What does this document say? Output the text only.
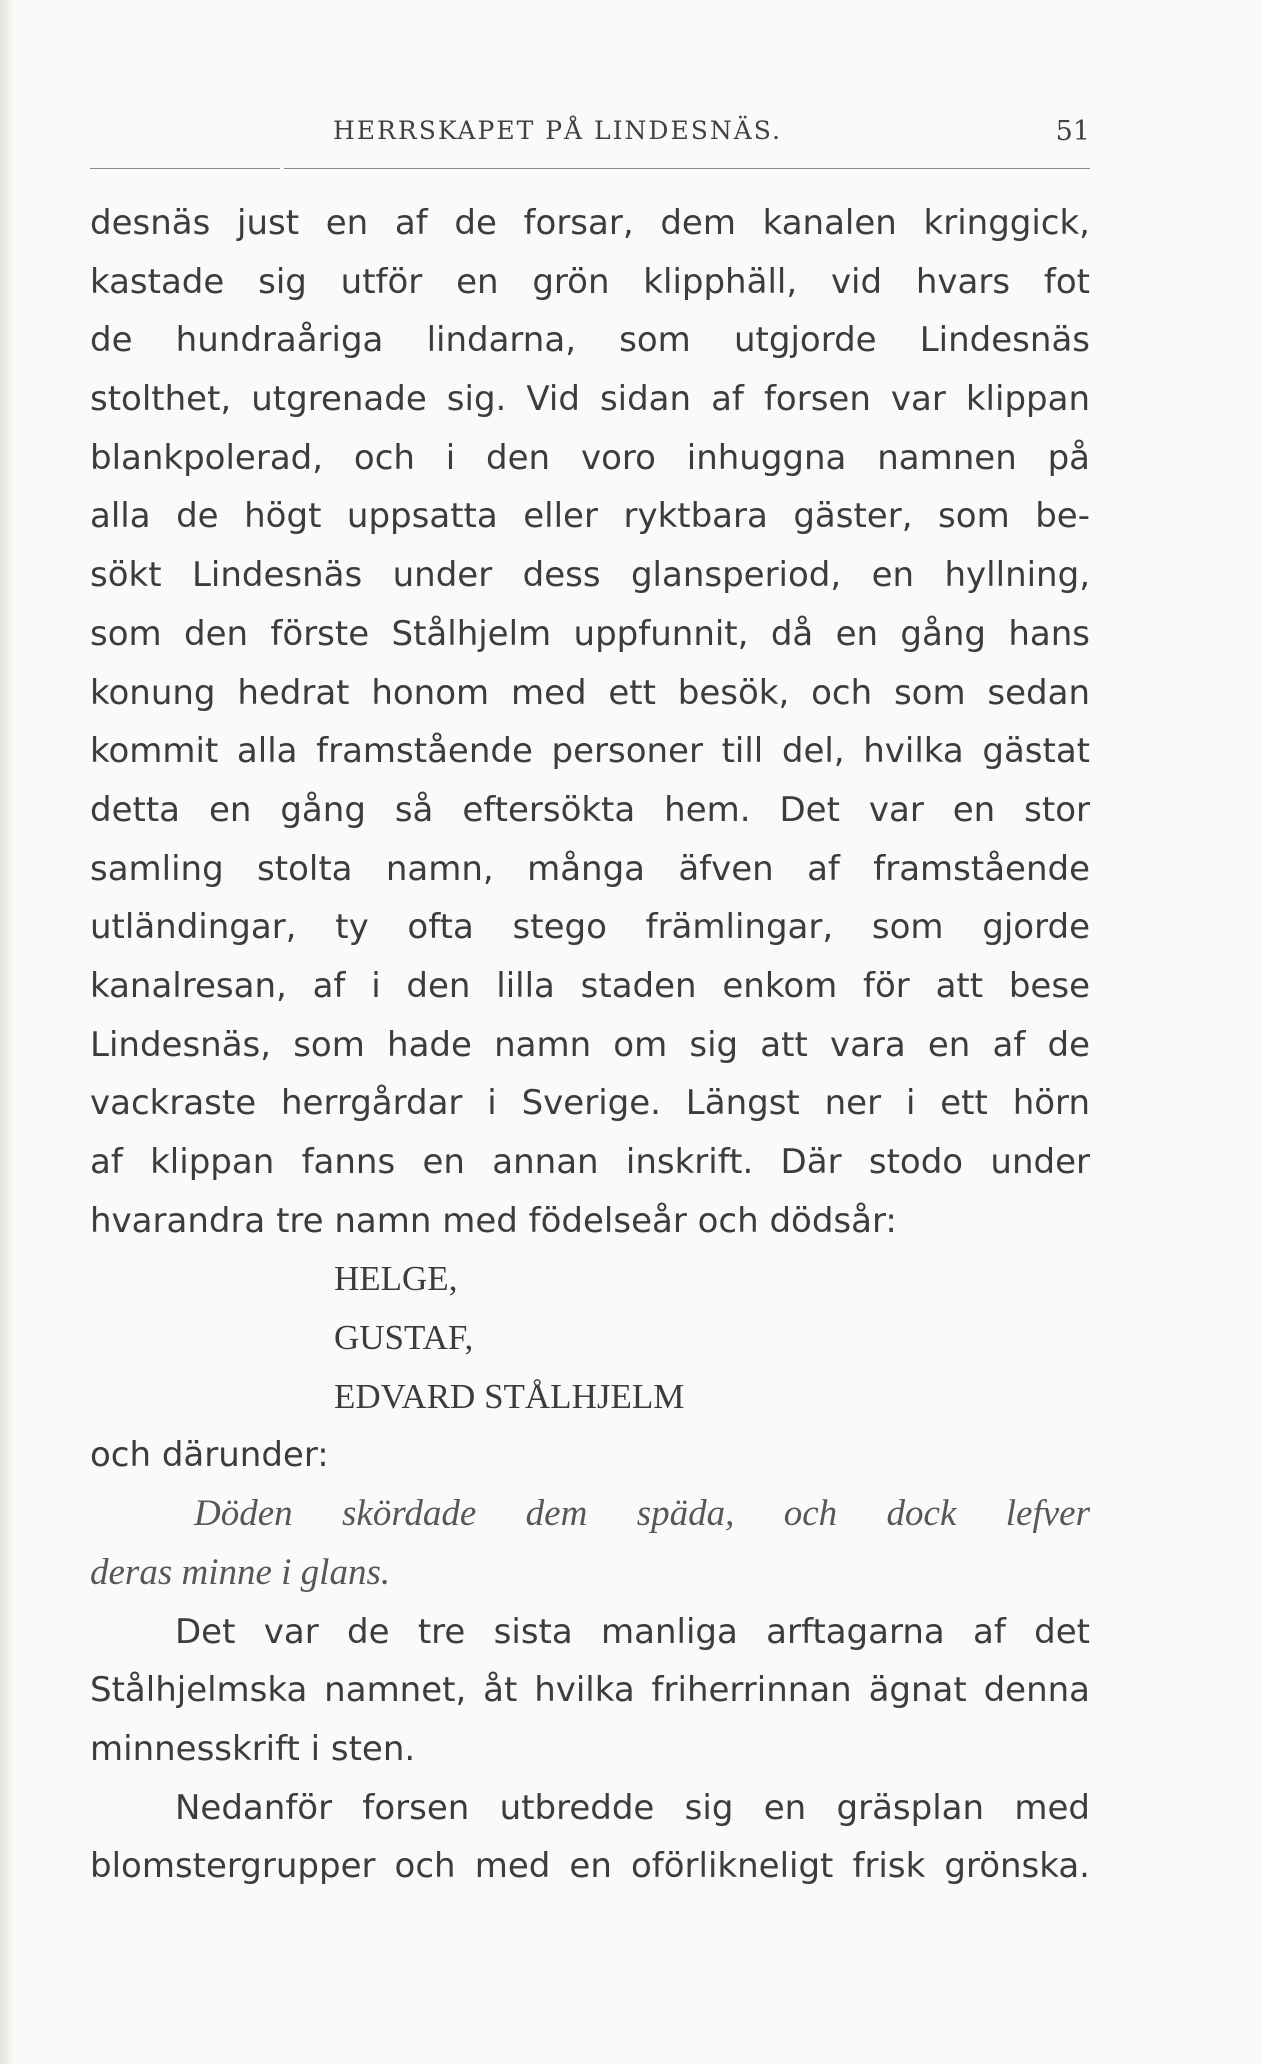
HERRSKAPET PÅ LINDESNÄS.	51
desnäs just en af de forsar, dem kanalen kringgick,
kastade sig utför en grön klipphäll, vid hvars fot
de hundraåriga lindarna, som utgjorde Lindesnäs
stolthet, utgrenade sig. Vid sidan af forsen var klippan
blankpolerad, och i den voro inhuggna namnen på
alla de högt uppsatta eller ryktbara gäster, som be-
sökt Lindesnäs under dess glansperiod, en hyllning,
som den förste Stålhjelm uppfunnit, då en gång hans
konung hedrat honom med ett besök, och som sedan
kommit alla framstående personer till del, hvilka gästat
detta en gång så eftersökta hem. Det var en stor
samling stolta namn, många äfven af framstående
utländingar, ty ofta stego främlingar, som gjorde
kanalresan, af i den lilla staden enkom för att bese
Lindesnäs, som hade namn om sig att vara en af de
vackraste herrgårdar i Sverige. Längst ner i ett hörn
af klippan fanns en annan inskrift. Där stodo under
hvarandra tre namn med födelseår och dödsår:
HELGE,
GUSTAF,
EDVARD STÅLHJELM
och därunder:
Döden skördade dem späda, och dock lefver
deras minne i glans.
Det var de tre sista manliga arftagarna af det
Stålhjelmska namnet, åt hvilka friherrinnan ägnat denna
minnesskrift i sten.
Nedanför forsen utbredde sig en gräsplan med
blomstergrupper och med en oförlikneligt frisk grönska.
